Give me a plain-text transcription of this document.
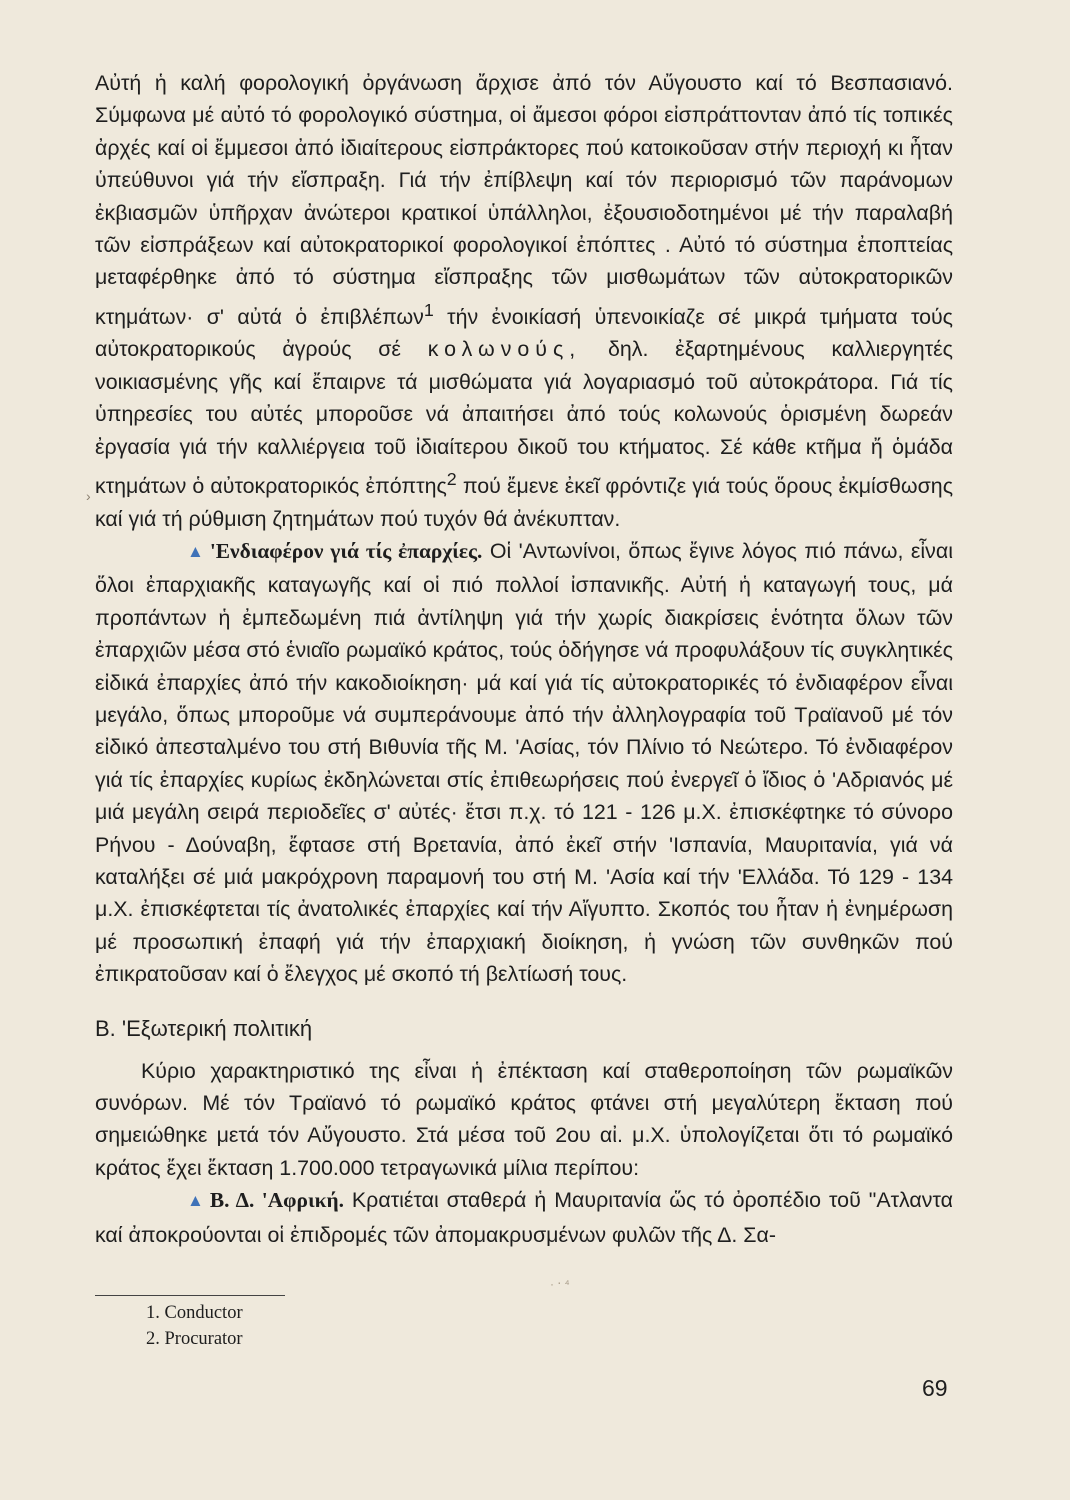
Αὐτή ἡ καλή φορολογική ὀργάνωση ἄρχισε ἀπό τόν Αὔγουστο καί τό Βεσπασιανό. Σύμφωνα μέ αὐτό τό φορολογικό σύστημα, οἱ ἄμεσοι φόροι εἰσπράττονταν ἀπό τίς τοπικές ἀρχές καί οἱ ἔμμεσοι ἀπό ἰδιαίτερους εἰσπράκτορες πού κατοικοῦσαν στήν περιοχή κι ἦταν ὑπεύθυνοι γιά τήν εἴσπραξη. Γιά τήν ἐπίβλεψη καί τόν περιορισμό τῶν παράνομων ἐκβιασμῶν ὑπῆρχαν ἀνώτεροι κρατικοί ὑπάλληλοι, ἐξουσιοδοτημένοι μέ τήν παραλαβή τῶν εἰσπράξεων καί αὐτοκρατορικοί φορολογικοί ἐπόπτες . Αὐτό τό σύστημα ἐποπτείας μεταφέρθηκε ἀπό τό σύστημα εἴσπραξης τῶν μισθωμάτων τῶν αὐτοκρατορικῶν κτημάτων· σ' αὐτά ὁ ἐπιβλέπων$^1$ τήν ἐνοικίασή ὑπενοικίαζε σέ μικρά τμήματα τούς αὐτοκρατορικούς ἀγρούς σέ κολωνούς, δηλ. ἐξαρτημένους καλλιεργητές νοικιασμένης γῆς καί ἔπαιρνε τά μισθώματα γιά λογαριασμό τοῦ αὐτοκράτορα. Γιά τίς ὑπηρεσίες του αὐτές μποροῦσε νά ἀπαιτήσει ἀπό τούς κολωνούς ὁρισμένη δωρεάν ἐργασία γιά τήν καλλιέργεια τοῦ ἰδιαίτερου δικοῦ του κτήματος. Σέ κάθε κτῆμα ἤ ὁμάδα κτημάτων ὁ αὐτοκρατορικός ἐπόπτης$^2$ πού ἔμενε ἐκεῖ φρόντιζε γιά τούς ὅρους ἐκμίσθωσης καί γιά τή ρύθμιση ζητημάτων πού τυχόν θά ἀνέκυπταν.

▲ 'Ενδιαφέρον γιά τίς ἐπαρχίες. Οἱ 'Αντωνίνοι, ὅπως ἔγινε λόγος πιό πάνω, εἶναι ὅλοι ἐπαρχιακῆς καταγωγῆς καί οἱ πιό πολλοί ἰσπανικῆς. Αὐτή ἡ καταγωγή τους, μά προπάντων ἡ ἐμπεδωμένη πιά ἀντίληψη γιά τήν χωρίς διακρίσεις ἑνότητα ὅλων τῶν ἐπαρχιῶν μέσα στό ἑνιαῖο ρωμαϊκό κράτος, τούς ὁδήγησε νά προφυλάξουν τίς συγκλητικές εἰδικά ἐπαρχίες ἀπό τήν κακοδιοίκηση· μά καί γιά τίς αὐτοκρατορικές τό ἐνδιαφέρον εἶναι μεγάλο, ὅπως μποροῦμε νά συμπεράνουμε ἀπό τήν ἀλληλογραφία τοῦ Τραϊανοῦ μέ τόν εἰδικό ἀπεσταλμένο του στή Βιθυνία τῆς Μ. 'Ασίας, τόν Πλίνιο τό Νεώτερο. Τό ἐνδιαφέρον γιά τίς ἐπαρχίες κυρίως ἐκδηλώνεται στίς ἐπιθεωρήσεις πού ἐνεργεῖ ὁ ἴδιος ὁ 'Αδριανός μέ μιά μεγάλη σειρά περιοδεῖες σ' αὐτές· ἔτσι π.χ. τό 121 - 126 μ.Χ. ἐπισκέφτηκε τό σύνορο Ρήνου - Δούναβη, ἔφτασε στή Βρετανία, ἀπό ἐκεῖ στήν 'Ισπανία, Μαυριτανία, γιά νά καταλήξει σέ μιά μακρόχρονη παραμονή του στή Μ. 'Ασία καί τήν 'Ελλάδα. Τό 129 - 134 μ.Χ. ἐπισκέφτεται τίς ἀνατολικές ἐπαρχίες καί τήν Αἴγυπτο. Σκοπός του ἦταν ἡ ἐνημέρωση μέ προσωπική ἐπαφή γιά τήν ἐπαρχιακή διοίκηση, ἡ γνώση τῶν συνθηκῶν πού ἐπικρατοῦσαν καί ὁ ἔλεγχος μέ σκοπό τή βελτίωσή τους.

Β. 'Εξωτερική πολιτική

Κύριο χαρακτηριστικό της εἶναι ἡ ἐπέκταση καί σταθεροποίηση τῶν ρωμαϊκῶν συνόρων. Μέ τόν Τραϊανό τό ρωμαϊκό κράτος φτάνει στή μεγαλύτερη ἔκταση πού σημειώθηκε μετά τόν Αὔγουστο. Στά μέσα τοῦ 2ου αἰ. μ.Χ. ὑπολογίζεται ὅτι τό ρωμαϊκό κράτος ἔχει ἔκταση 1.700.000 τετραγωνικά μίλια περίπου:

▲ Β. Δ. 'Αφρική. Κρατιέται σταθερά ἡ Μαυριτανία ὥς τό ὀροπέδιο τοῦ "Ατλαντα καί ἀποκρούονται οἱ ἐπιδρομές τῶν ἀπομακρυσμένων φυλῶν τῆς Δ. Σα-

›
· ‧ ⁴
1. Conductor
2. Procurator
69
